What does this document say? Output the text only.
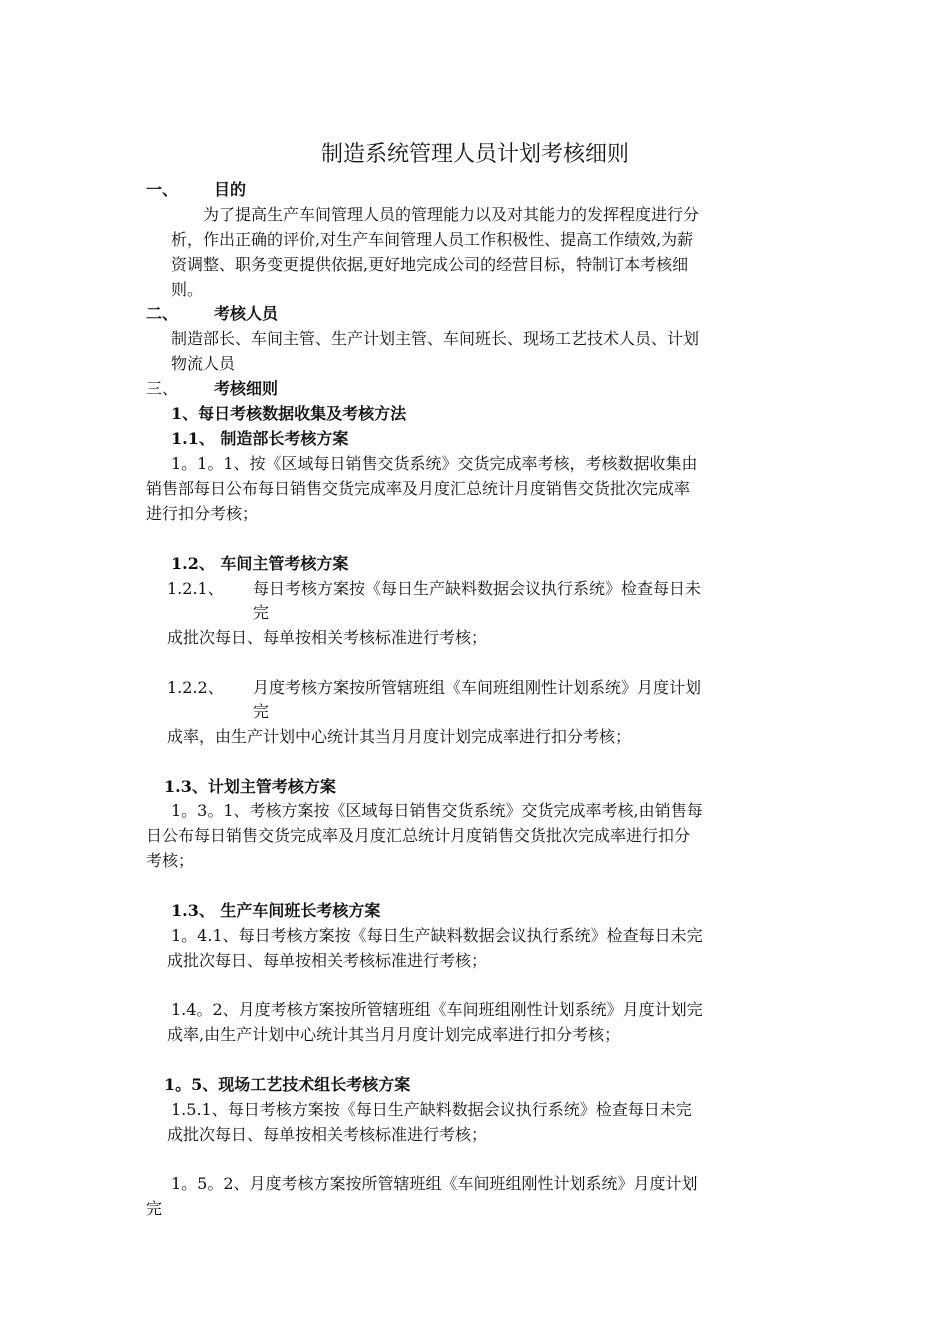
制造系统管理人员计划考核细则
一、 目的
为了提高生产车间管理人员的管理能力以及对其能力的发挥程度进行分
析，作出正确的评价,对生产车间管理人员工作积极性、提高工作绩效,为薪
资调整、职务变更提供依据,更好地完成公司的经营目标，特制订本考核细
则。
二、 考核人员
制造部长、车间主管、生产计划主管、车间班长、现场工艺技术人员、计划
物流人员
三、 考核细则
1、每日考核数据收集及考核方法
1.1、 制造部长考核方案
1。1。1、按《区域每日销售交货系统》交货完成率考核，考核数据收集由
销售部每日公布每日销售交货完成率及月度汇总统计月度销售交货批次完成率
进行扣分考核；
1.2、 车间主管考核方案
1.2.1、 每日考核方案按《每日生产缺料数据会议执行系统》检查每日未
完
成批次每日、每单按相关考核标准进行考核；
1.2.2、 月度考核方案按所管辖班组《车间班组刚性计划系统》月度计划
完
成率，由生产计划中心统计其当月月度计划完成率进行扣分考核；
1.3、计划主管考核方案
1。3。1、考核方案按《区域每日销售交货系统》交货完成率考核,由销售每
日公布每日销售交货完成率及月度汇总统计月度销售交货批次完成率进行扣分
考核；
1.3、 生产车间班长考核方案
1。4.1、每日考核方案按《每日生产缺料数据会议执行系统》检查每日未完
成批次每日、每单按相关考核标准进行考核；
1.4。2、月度考核方案按所管辖班组《车间班组刚性计划系统》月度计划完
成率,由生产计划中心统计其当月月度计划完成率进行扣分考核；
1。5、现场工艺技术组长考核方案
1.5.1、每日考核方案按《每日生产缺料数据会议执行系统》检查每日未完
成批次每日、每单按相关考核标准进行考核；
1。5。2、月度考核方案按所管辖班组《车间班组刚性计划系统》月度计划
完
